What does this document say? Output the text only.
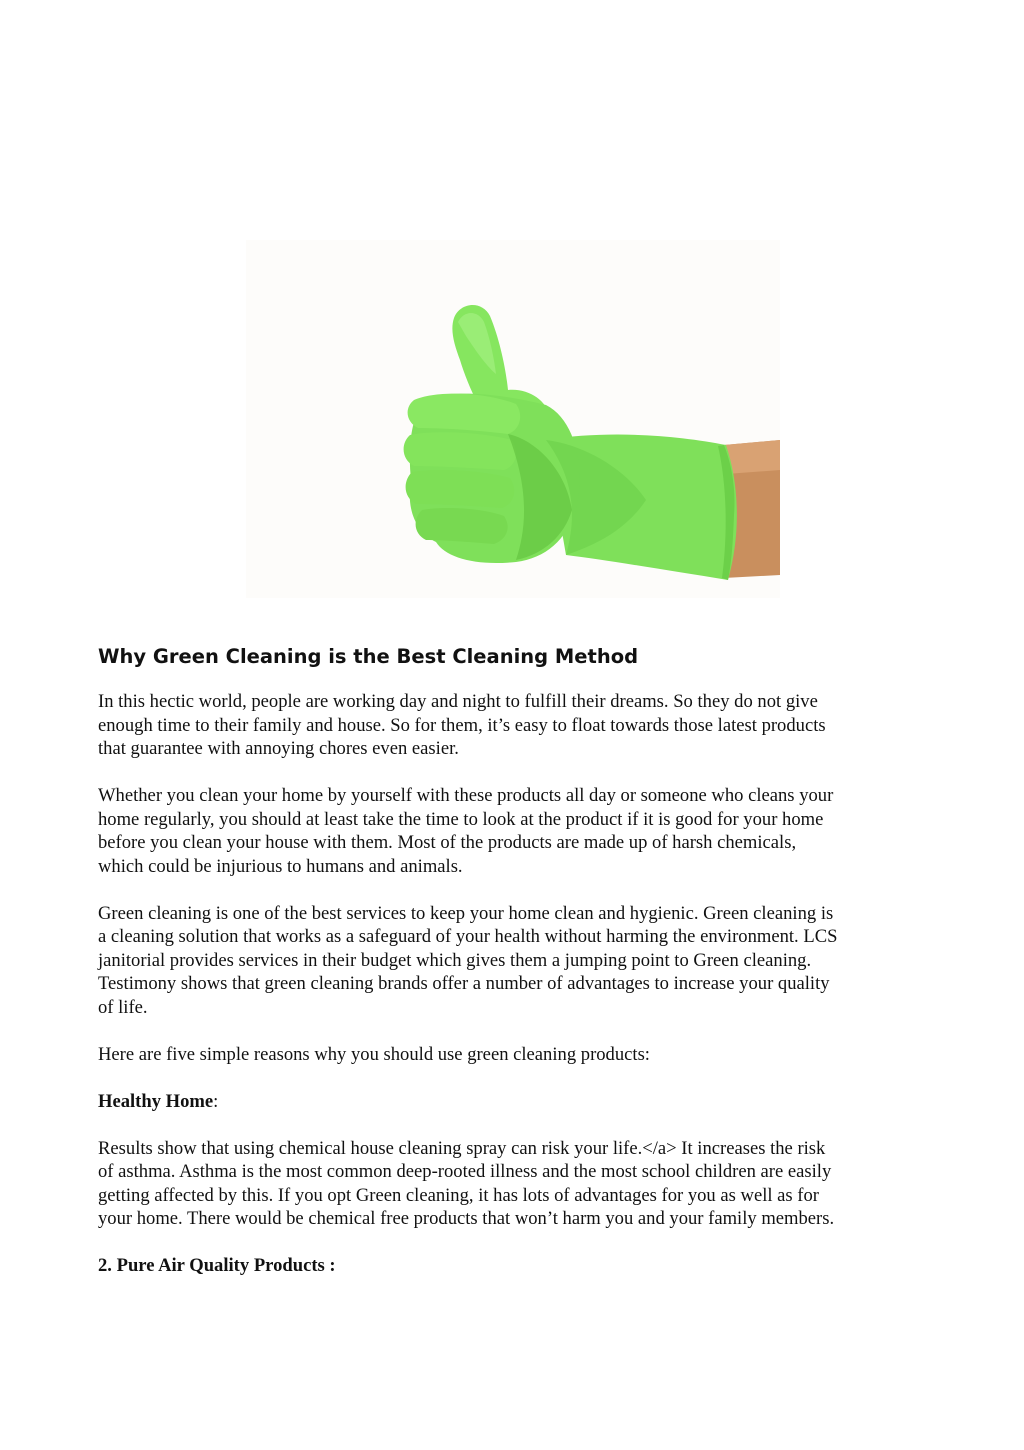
Why Green Cleaning is the Best Cleaning Method
In this hectic world, people are working day and night to fulfill their dreams. So they do not give
enough time to their family and house. So for them, it’s easy to float towards those latest products
that guarantee with annoying chores even easier.
Whether you clean your home by yourself with these products all day or someone who cleans your
home regularly, you should at least take the time to look at the product if it is good for your home
before you clean your house with them. Most of the products are made up of harsh chemicals,
which could be injurious to humans and animals.
Green cleaning is one of the best services to keep your home clean and hygienic. Green cleaning is
a cleaning solution that works as a safeguard of your health without harming the environment. LCS
janitorial provides services in their budget which gives them a jumping point to Green cleaning.
Testimony shows that green cleaning brands offer a number of advantages to increase your quality
of life.
Here are five simple reasons why you should use green cleaning products:
Healthy Home:
Results show that using chemical house cleaning spray can risk your life.</a> It increases the risk
of asthma. Asthma is the most common deep-rooted illness and the most school children are easily
getting affected by this. If you opt Green cleaning, it has lots of advantages for you as well as for
your home. There would be chemical free products that won’t harm you and your family members.
2. Pure Air Quality Products :
